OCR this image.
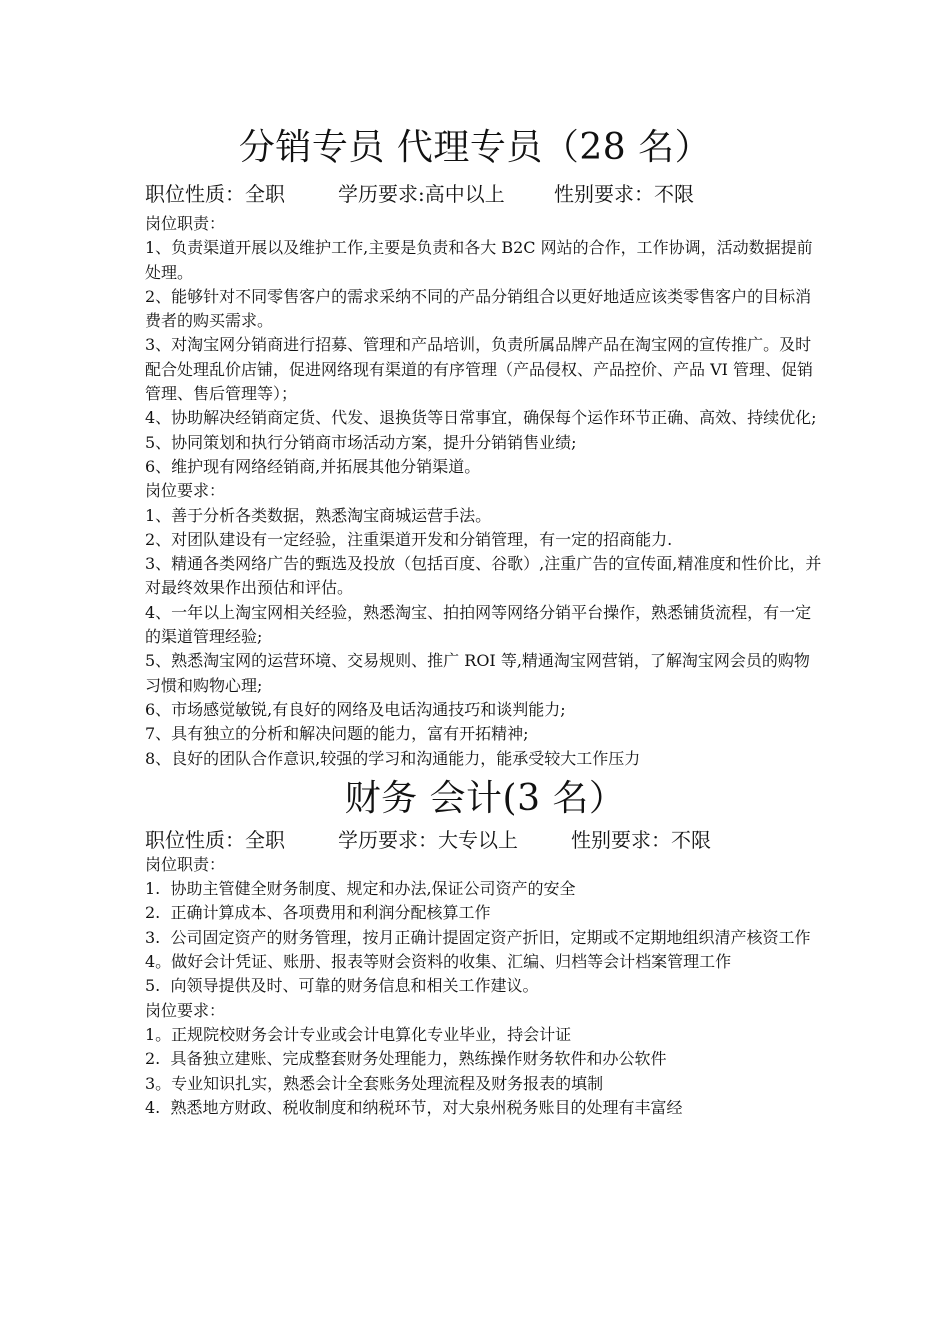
分销专员 代理专员（28 名）
职位性质：全职	学历要求:高中以上 性别要求：不限
岗位职责：
1、负责渠道开展以及维护工作,主要是负责和各大 B2C 网站的合作，工作协调，活动数据提前处理。
2、能够针对不同零售客户的需求采纳不同的产品分销组合以更好地适应该类零售客户的目标消费者的购买需求。
3、对淘宝网分销商进行招募、管理和产品培训，负责所属品牌产品在淘宝网的宣传推广。及时配合处理乱价店铺，促进网络现有渠道的有序管理（产品侵权、产品控价、产品 VI 管理、促销管理、售后管理等）；
4、协助解决经销商定货、代发、退换货等日常事宜，确保每个运作环节正确、高效、持续优化;
5、协同策划和执行分销商市场活动方案，提升分销销售业绩;
6、维护现有网络经销商,并拓展其他分销渠道。
岗位要求：
1、善于分析各类数据，熟悉淘宝商城运营手法。
2、对团队建设有一定经验，注重渠道开发和分销管理，有一定的招商能力.
3、精通各类网络广告的甄选及投放（包括百度、谷歌）,注重广告的宣传面,精准度和性价比，并对最终效果作出预估和评估。
4、一年以上淘宝网相关经验，熟悉淘宝、拍拍网等网络分销平台操作，熟悉铺货流程，有一定的渠道管理经验;
5、熟悉淘宝网的运营环境、交易规则、推广 ROI 等,精通淘宝网营销，了解淘宝网会员的购物习惯和购物心理;
6、市场感觉敏锐,有良好的网络及电话沟通技巧和谈判能力;
7、具有独立的分析和解决问题的能力，富有开拓精神;
8、良好的团队合作意识,较强的学习和沟通能力，能承受较大工作压力
财务 会计(3 名）
职位性质：全职	学历要求：大专以上	性别要求：不限
岗位职责：
1.  协助主管健全财务制度、规定和办法,保证公司资产的安全
2.  正确计算成本、各项费用和利润分配核算工作
3.  公司固定资产的财务管理，按月正确计提固定资产折旧，定期或不定期地组织清产核资工作
4。做好会计凭证、账册、报表等财会资料的收集、汇编、归档等会计档案管理工作
5.  向领导提供及时、可靠的财务信息和相关工作建议。
岗位要求：
1。正规院校财务会计专业或会计电算化专业毕业，持会计证
2.  具备独立建账、完成整套财务处理能力，熟练操作财务软件和办公软件
3。专业知识扎实，熟悉会计全套账务处理流程及财务报表的填制
4.  熟悉地方财政、税收制度和纳税环节，对大泉州税务账目的处理有丰富经
